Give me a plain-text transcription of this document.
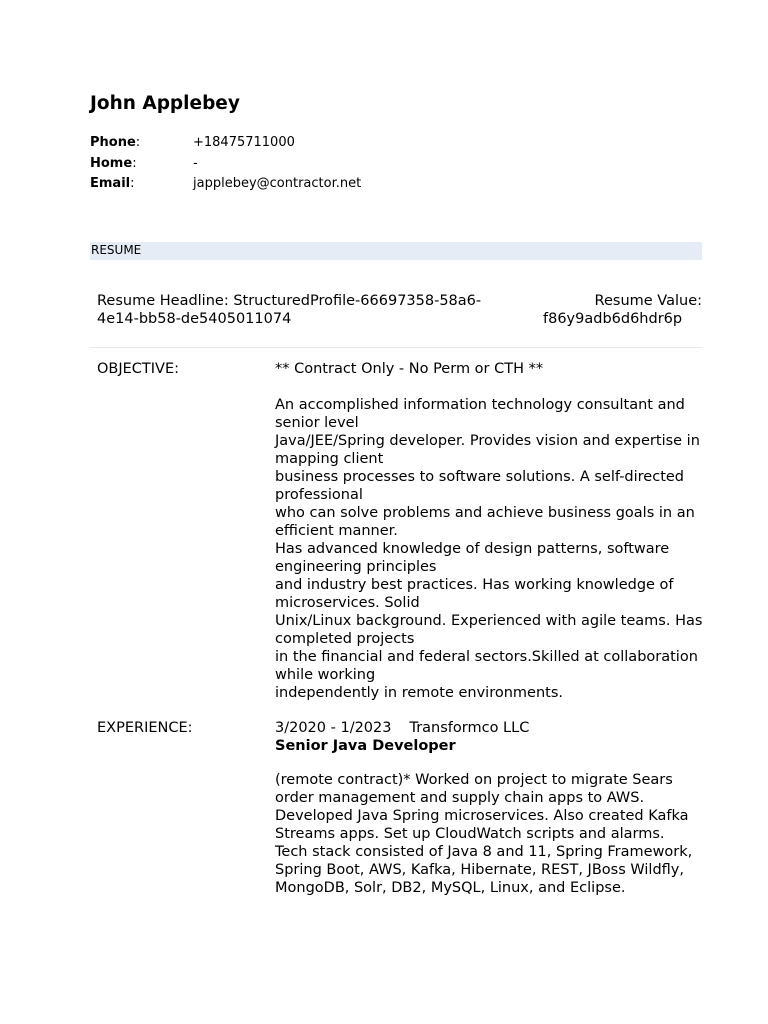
John Applebey
Phone:	+18475711000
Home:	-
Email:	japplebey@contractor.net
RESUME
Resume Headline: StructuredProfile-66697358-58a6-4e14-bb58-de5405011074
Resume Value:
f86y9adb6d6hdr6p
OBJECTIVE:	** Contract Only - No Perm or CTH **
An accomplished information technology consultant and senior level
Java/JEE/Spring developer. Provides vision and expertise in mapping client
business processes to software solutions. A self-directed professional
who can solve problems and achieve business goals in an efficient manner.
Has advanced knowledge of design patterns, software engineering principles
and industry best practices. Has working knowledge of microservices. Solid
Unix/Linux background. Experienced with agile teams. Has completed projects
in the financial and federal sectors.Skilled at collaboration while working
independently in remote environments.
EXPERIENCE:	3/2020 - 1/2023 Transformco LLC
Senior Java Developer
(remote contract)* Worked on project to migrate Sears order management and supply chain apps to AWS. Developed Java Spring microservices. Also created Kafka Streams apps. Set up CloudWatch scripts and alarms. Tech stack consisted of Java 8 and 11, Spring Framework, Spring Boot, AWS, Kafka, Hibernate, REST, JBoss Wildfly, MongoDB, Solr, DB2, MySQL, Linux, and Eclipse.
